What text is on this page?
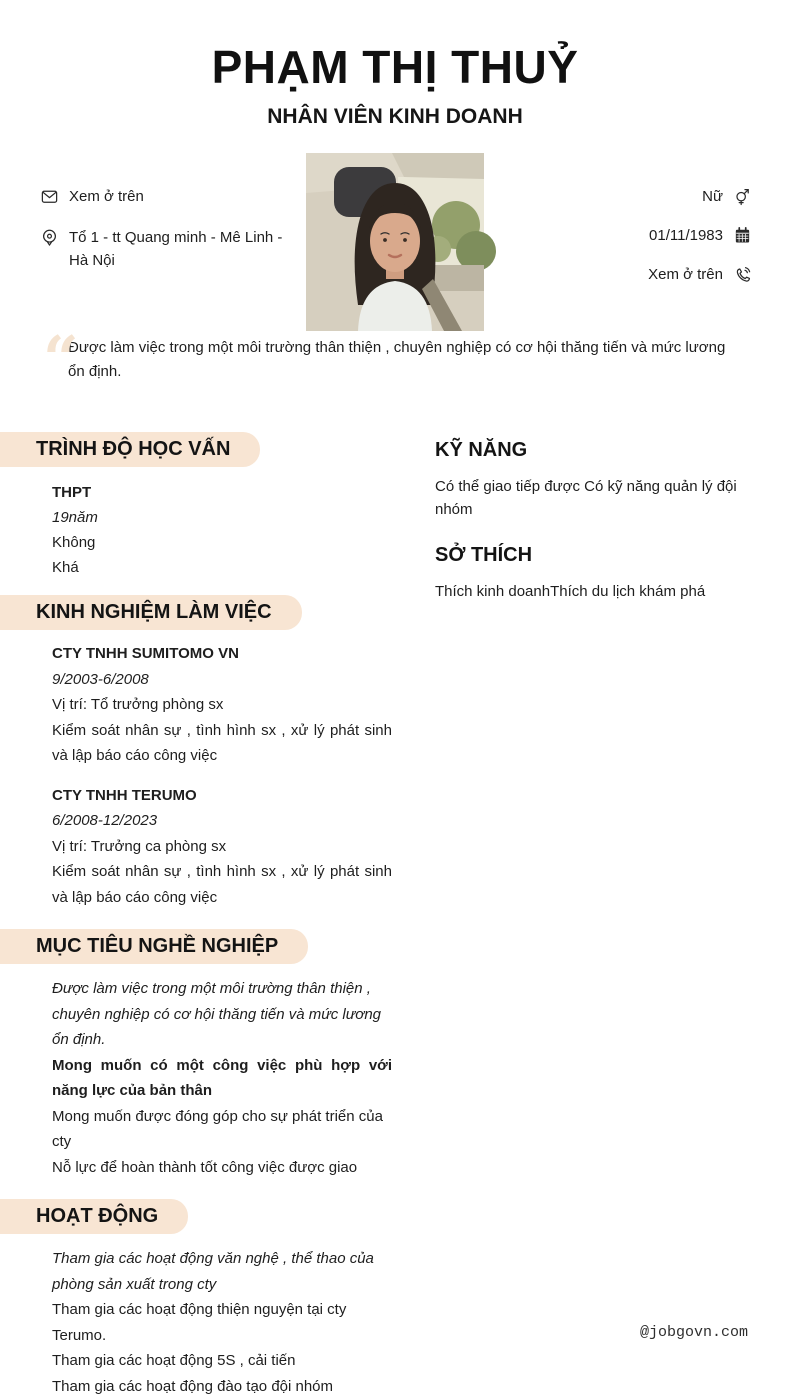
PHẠM THỊ THUỶ
NHÂN VIÊN KINH DOANH
Xem ở trên
Tổ 1 - tt Quang minh - Mê Linh - Hà Nội
Nữ
01/11/1983
Xem ở trên
“
Được làm việc trong một môi trường thân thiện , chuyên nghiệp có cơ hội thăng tiến và mức lương ổn định.
TRÌNH ĐỘ HỌC VẤN
THPT
19năm
Không
Khá
KINH NGHIỆM LÀM VIỆC
CTY TNHH SUMITOMO VN
9/2003-6/2008
Vị trí: Tổ trưởng phòng sx
Kiểm soát nhân sự , tình hình sx , xử lý phát sinh và lập báo cáo công việc
CTY TNHH TERUMO
6/2008-12/2023
Vị trí: Trưởng ca phòng sx
Kiểm soát nhân sự , tình hình sx , xử lý phát sinh và lập báo cáo công việc
MỤC TIÊU NGHỀ NGHIỆP
Được làm việc trong một môi trường thân thiện , chuyên nghiệp có cơ hội thăng tiến và mức lương ổn định.
Mong muốn có một công việc phù hợp với năng lực của bản thân
Mong muốn được đóng góp cho sự phát triển của cty
Nỗ lực để hoàn thành tốt công việc được giao
HOẠT ĐỘNG
Tham gia các hoạt động văn nghệ , thể thao của phòng sản xuất trong cty
Tham gia các hoạt động thiện nguyện tại cty Terumo.
Tham gia các hoạt động 5S , cải tiến
Tham gia các hoạt động đào tạo đội nhóm
KỸ NĂNG
Có thể giao tiếp được Có kỹ năng quản lý đội nhóm
SỞ THÍCH
Thích kinh doanhThích du lịch khám phá
@jobgovn.com
